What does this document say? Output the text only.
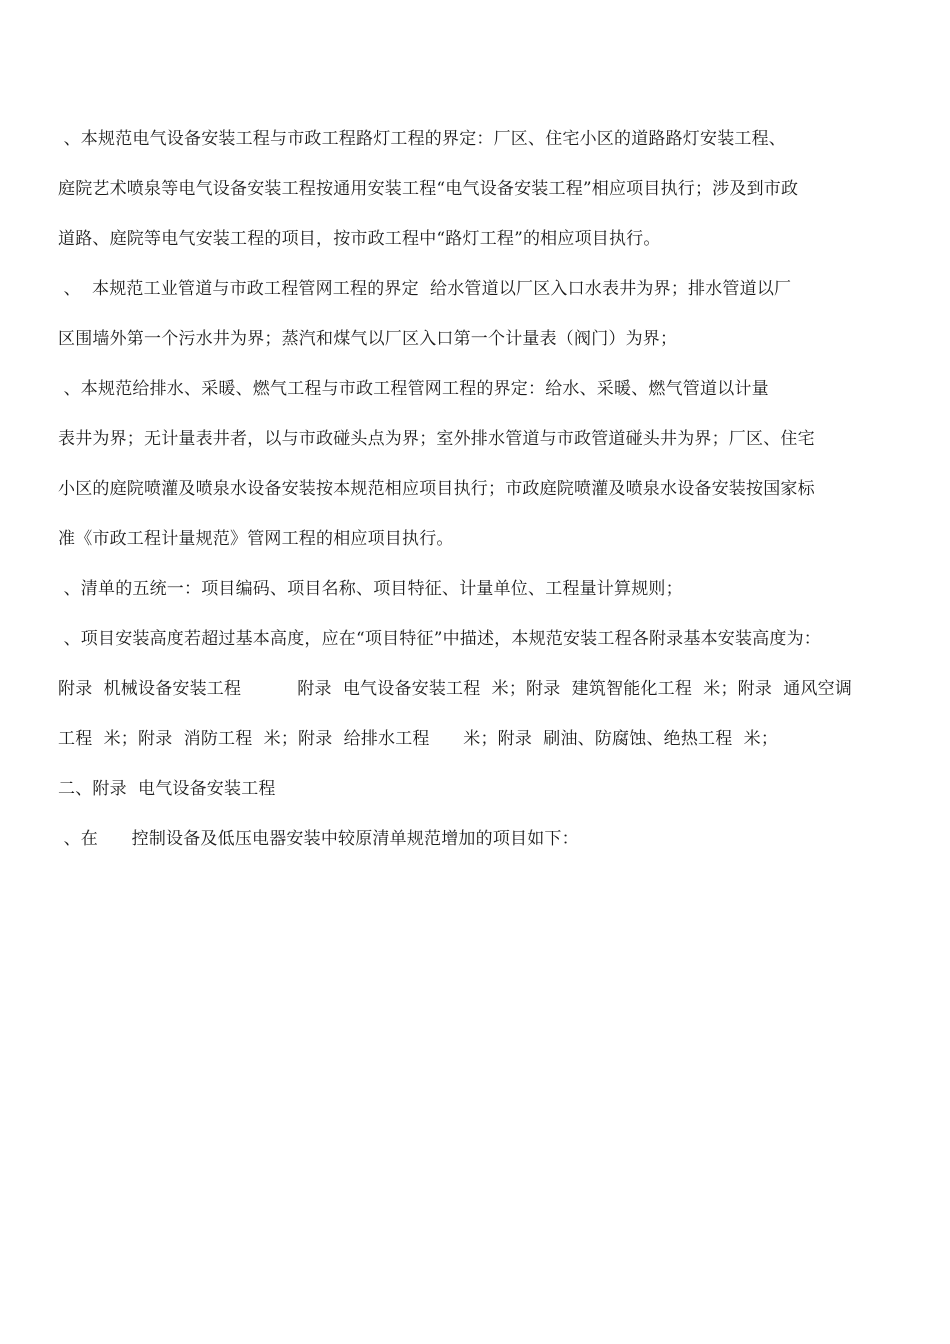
、本规范电气设备安装工程与市政工程路灯工程的界定：厂区、住宅小区的道路路灯安装工程、
庭院艺术喷泉等电气设备安装工程按通用安装工程“电气设备安装工程”相应项目执行；涉及到市政
道路、庭院等电气安装工程的项目，按市政工程中“路灯工程”的相应项目执行。
、  本规范工业管道与市政工程管网工程的界定  给水管道以厂区入口水表井为界；排水管道以厂
区围墙外第一个污水井为界；蒸汽和煤气以厂区入口第一个计量表（阀门）为界；
、本规范给排水、采暖、燃气工程与市政工程管网工程的界定：给水、采暖、燃气管道以计量
表井为界；无计量表井者，以与市政碰头点为界；室外排水管道与市政管道碰头井为界；厂区、住宅
小区的庭院喷灌及喷泉水设备安装按本规范相应项目执行；市政庭院喷灌及喷泉水设备安装按国家标
准《市政工程计量规范》管网工程的相应项目执行。
、清单的五统一：项目编码、项目名称、项目特征、计量单位、工程量计算规则；
、项目安装高度若超过基本高度，应在“项目特征”中描述，本规范安装工程各附录基本安装高度为：
附录  机械设备安装工程          附录  电气设备安装工程  米；附录  建筑智能化工程  米；附录  通风空调
工程  米；附录  消防工程  米；附录  给排水工程      米；附录  刷油、防腐蚀、绝热工程  米；
二、附录  电气设备安装工程
、在      控制设备及低压电器安装中较原清单规范增加的项目如下：
